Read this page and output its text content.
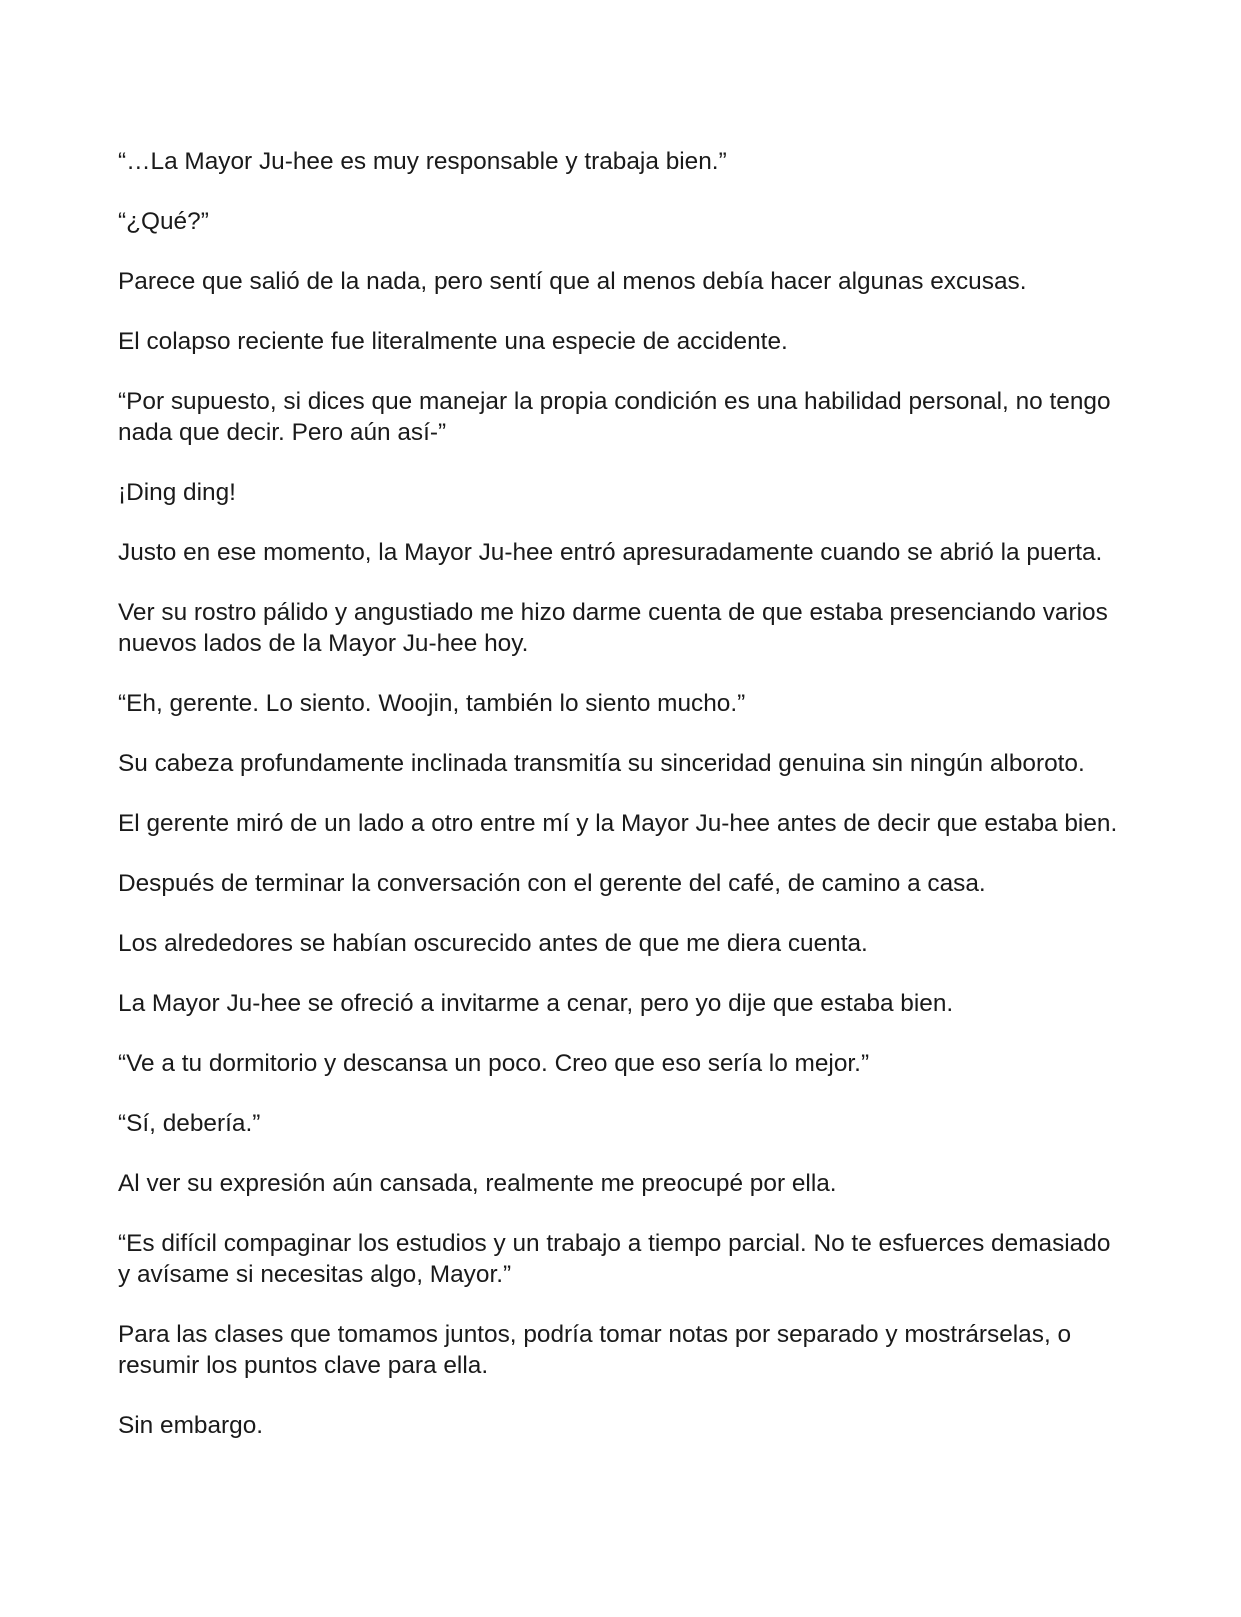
“…La Mayor Ju-hee es muy responsable y trabaja bien.”

“¿Qué?”

Parece que salió de la nada, pero sentí que al menos debía hacer algunas excusas.

El colapso reciente fue literalmente una especie de accidente.

“Por supuesto, si dices que manejar la propia condición es una habilidad personal, no tengo nada que decir. Pero aún así-”

¡Ding ding!

Justo en ese momento, la Mayor Ju-hee entró apresuradamente cuando se abrió la puerta.

Ver su rostro pálido y angustiado me hizo darme cuenta de que estaba presenciando varios nuevos lados de la Mayor Ju-hee hoy.

“Eh, gerente. Lo siento. Woojin, también lo siento mucho.”

Su cabeza profundamente inclinada transmitía su sinceridad genuina sin ningún alboroto.

El gerente miró de un lado a otro entre mí y la Mayor Ju-hee antes de decir que estaba bien.

Después de terminar la conversación con el gerente del café, de camino a casa.

Los alrededores se habían oscurecido antes de que me diera cuenta.

La Mayor Ju-hee se ofreció a invitarme a cenar, pero yo dije que estaba bien.

“Ve a tu dormitorio y descansa un poco. Creo que eso sería lo mejor.”

“Sí, debería.”

Al ver su expresión aún cansada, realmente me preocupé por ella.

“Es difícil compaginar los estudios y un trabajo a tiempo parcial. No te esfuerces demasiado y avísame si necesitas algo, Mayor.”

Para las clases que tomamos juntos, podría tomar notas por separado y mostrárselas, o resumir los puntos clave para ella.

Sin embargo.
